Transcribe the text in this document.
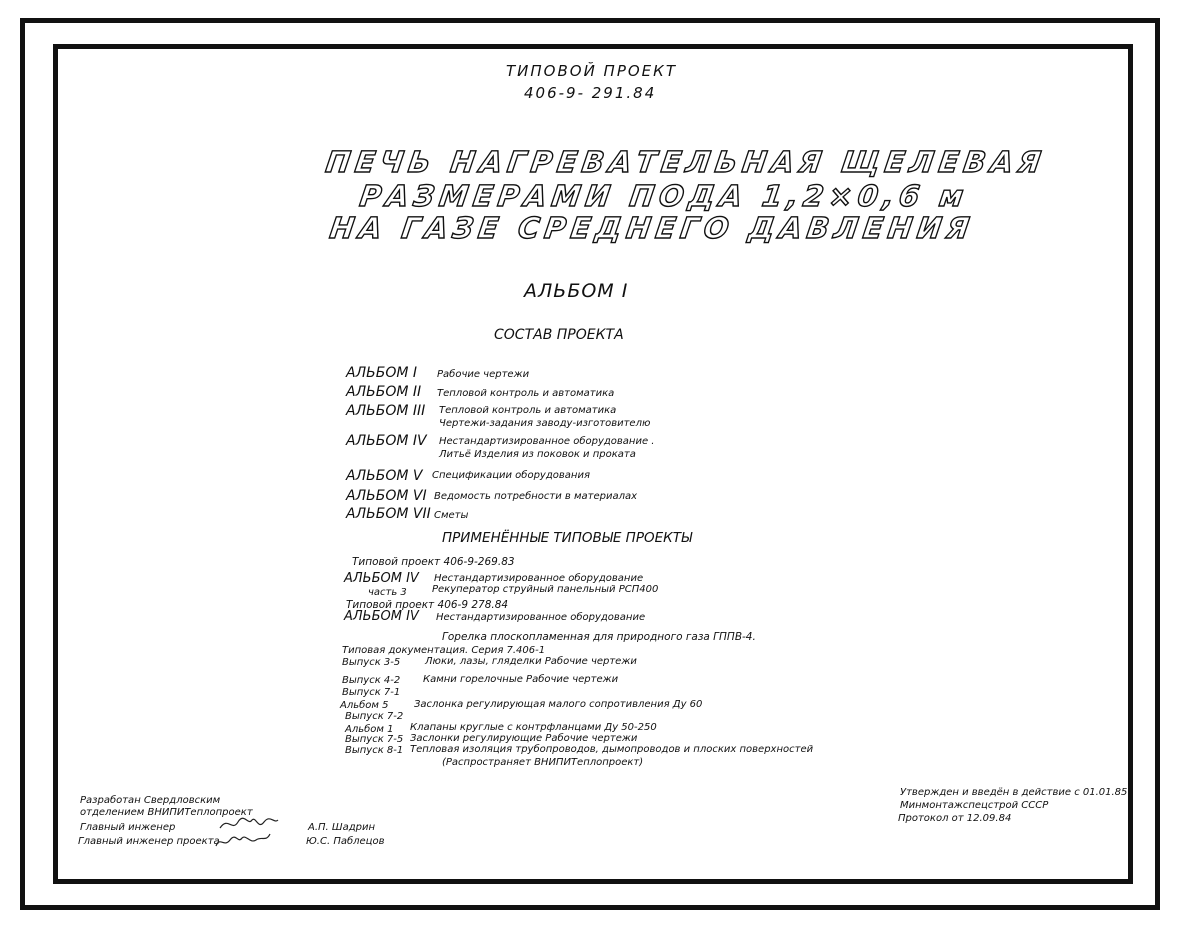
ТИПОВОЙ ПРОЕКТ
406-9- 291.84
ПЕЧЬ НАГРЕВАТЕЛЬНАЯ ЩЕЛЕВАЯ
РАЗМЕРАМИ ПОДА 1,2×0,6 м
НА ГАЗЕ СРЕДНЕГО ДАВЛЕНИЯ
АЛЬБОМ I
СОСТАВ ПРОЕКТА
АЛЬБОМ I Рабочие чертежи
АЛЬБОМ II Тепловой контроль и автоматика
АЛЬБОМ III Тепловой контроль и автоматика
Чертежи-задания заводу-изготовителю
АЛЬБОМ IV Нестандартизированное оборудование .
Литьё Изделия из поковок и проката
АЛЬБОМ V Спецификации оборудования
АЛЬБОМ VI Ведомость потребности в материалах
АЛЬБОМ VII Сметы
ПРИМЕНЁННЫЕ ТИПОВЫЕ ПРОЕКТЫ
Типовой проект 406-9-269.83
АЛЬБОМ IV Нестандартизированное оборудование
часть 3	Рекуператор струйный панельный РСП400
Типовой проект 406-9 278.84
АЛЬБОМ IV Нестандартизированное оборудование
Горелка плоскопламенная для природного газа ГППВ-4.
Типовая документация. Серия 7.406-1
Выпуск 3-5 Люки, лазы, гляделки Рабочие чертежи
Выпуск 4-2 Камни горелочные Рабочие чертежи
Выпуск 7-1
Альбом 5	Заслонка регулирующая малого сопротивления Ду 60
Выпуск 7-2
Альбом 1 Клапаны круглые с контрфланцами Ду 50-250
Выпуск 7-5 Заслонки регулирующие Рабочие чертежи
Выпуск 8-1 Тепловая изоляция трубопроводов, дымопроводов и плоских поверхностей
(Распространяет ВНИПИТеплопроект)
Разработан Свердловским
отделением ВНИПИТеплопроект
Главный инженер	А.П. Шадрин
Главный инженер проекта	Ю.С. Паблецов
Утвержден и введён в действие с 01.01.85
Минмонтажспецстрой СССР
Протокол от 12.09.84
